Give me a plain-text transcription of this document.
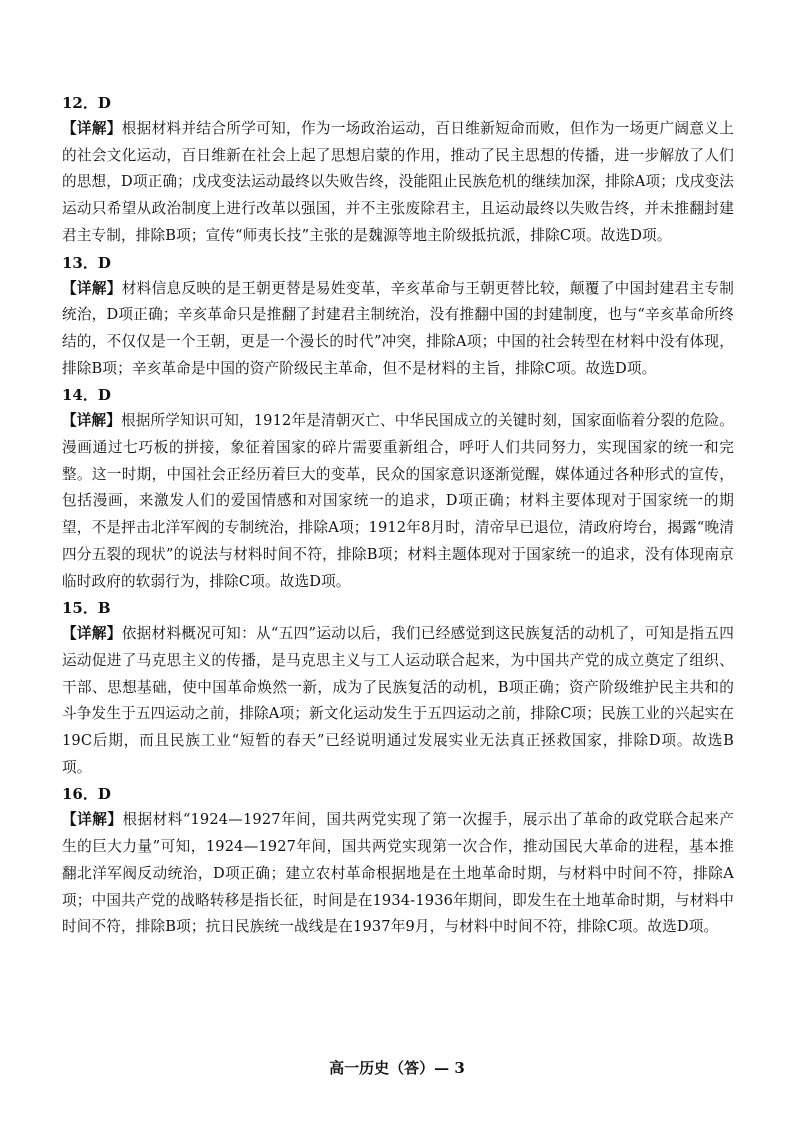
12．D

【详解】根据材料并结合所学可知，作为一场政治运动，百日维新短命而败，但作为一场更广阔意义上的社会文化运动，百日维新在社会上起了思想启蒙的作用，推动了民主思想的传播，进一步解放了人们的思想，D项正确；戊戌变法运动最终以失败告终，没能阻止民族危机的继续加深，排除A项；戊戌变法运动只希望从政治制度上进行改革以强国，并不主张废除君主，且运动最终以失败告终，并未推翻封建君主专制，排除B项；宣传“师夷长技”主张的是魏源等地主阶级抵抗派，排除C项。故选D项。

13．D

【详解】材料信息反映的是王朝更替是易姓变革，辛亥革命与王朝更替比较，颠覆了中国封建君主专制统治，D项正确；辛亥革命只是推翻了封建君主制统治，没有推翻中国的封建制度，也与“辛亥革命所终结的，不仅仅是一个王朝，更是一个漫长的时代”冲突，排除A项；中国的社会转型在材料中没有体现，排除B项；辛亥革命是中国的资产阶级民主革命，但不是材料的主旨，排除C项。故选D项。

14．D

【详解】根据所学知识可知，1912年是清朝灭亡、中华民国成立的关键时刻，国家面临着分裂的危险。漫画通过七巧板的拼接，象征着国家的碎片需要重新组合，呼吁人们共同努力，实现国家的统一和完整。这一时期，中国社会正经历着巨大的变革，民众的国家意识逐渐觉醒，媒体通过各种形式的宣传，包括漫画，来激发人们的爱国情感和对国家统一的追求，D项正确；材料主要体现对于国家统一的期望，不是抨击北洋军阀的专制统治，排除A项；1912年8月时，清帝早已退位，清政府垮台，揭露“晚清四分五裂的现状”的说法与材料时间不符，排除B项；材料主题体现对于国家统一的追求，没有体现南京临时政府的软弱行为，排除C项。故选D项。

15．B

【详解】依据材料概况可知：从“五四”运动以后，我们已经感觉到这民族复活的动机了，可知是指五四运动促进了马克思主义的传播，是马克思主义与工人运动联合起来，为中国共产党的成立奠定了组织、干部、思想基础，使中国革命焕然一新，成为了民族复活的动机，B项正确；资产阶级维护民主共和的斗争发生于五四运动之前，排除A项；新文化运动发生于五四运动之前，排除C项；民族工业的兴起实在19C后期，而且民族工业“短暂的春天”已经说明通过发展实业无法真正拯救国家，排除D项。故选B项。

16．D

【详解】根据材料“1924—1927年间，国共两党实现了第一次握手，展示出了革命的政党联合起来产生的巨大力量”可知，1924—1927年间，国共两党实现第一次合作，推动国民大革命的进程，基本推翻北洋军阀反动统治，D项正确；建立农村革命根据地是在土地革命时期，与材料中时间不符，排除A项；中国共产党的战略转移是指长征，时间是在1934-1936年期间，即发生在土地革命时期，与材料中时间不符，排除B项；抗日民族统一战线是在1937年9月，与材料中时间不符，排除C项。故选D项。

高一历史（答）— 3
